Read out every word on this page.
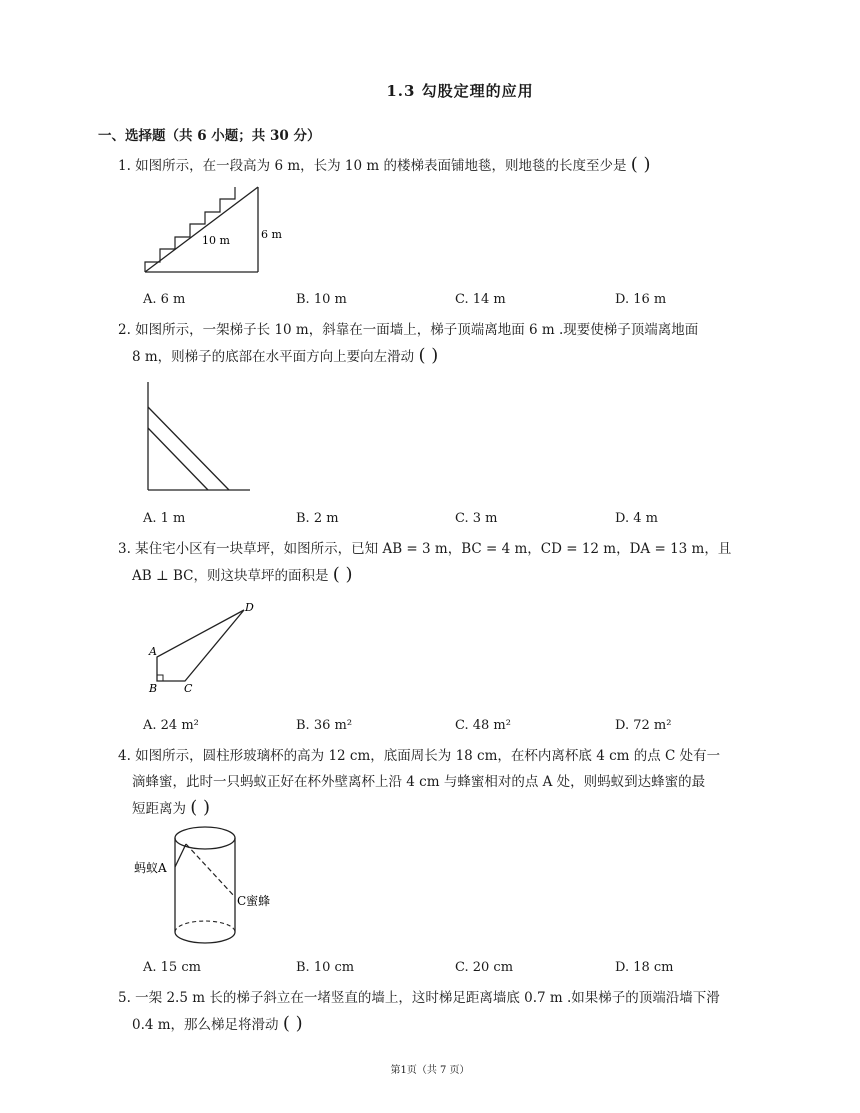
1.3 勾股定理的应用
一、选择题（共 6 小题；共 30 分）
1. 如图所示，在一段高为 6 m，长为 10 m 的楼梯表面铺地毯，则地毯的长度至少是 ( )
10 m	6 m
A. 6 m	B. 10 m	C. 14 m	D. 16 m
2. 如图所示，一架梯子长 10 m，斜靠在一面墙上，梯子顶端离地面 6 m .现要使梯子顶端离地面
8 m，则梯子的底部在水平面方向上要向左滑动 ( )
A. 1 m	B. 2 m	C. 3 m	D. 4 m
3. 某住宅小区有一块草坪，如图所示，已知 AB = 3 m，BC = 4 m，CD = 12 m，DA = 13 m，且
AB ⊥ BC，则这块草坪的面积是 ( )
A
B C
D
A. 24 m²	B. 36 m²	C. 48 m²	D. 72 m²
4. 如图所示，圆柱形玻璃杯的高为 12 cm，底面周长为 18 cm，在杯内离杯底 4 cm 的点 C 处有一
滴蜂蜜，此时一只蚂蚁正好在杯外壁离杯上沿 4 cm 与蜂蜜相对的点 A 处，则蚂蚁到达蜂蜜的最
短距离为 ( )
蚂蚁A
C蜜蜂
A. 15 cm	B. 10 cm	C. 20 cm	D. 18 cm
5. 一架 2.5 m 长的梯子斜立在一堵竖直的墙上，这时梯足距离墙底 0.7 m .如果梯子的顶端沿墙下滑
0.4 m，那么梯足将滑动 ( )
第1页（共 7 页）
